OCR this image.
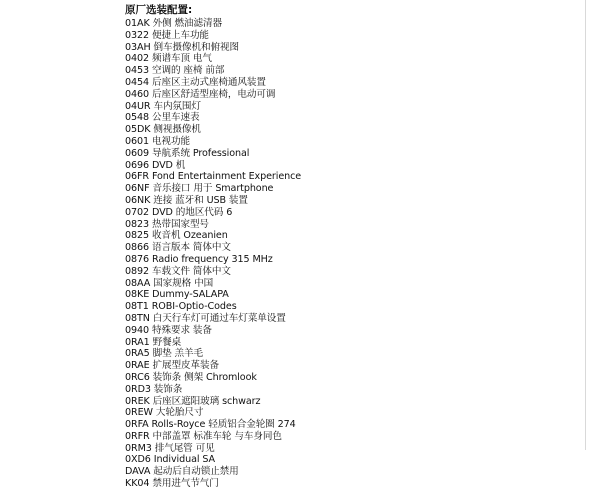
原厂选装配置:
01AK 外侧 燃油滤清器
0322 便捷上车功能
03AH 倒车摄像机和俯视图
0402 频谱车顶 电气
0453 空调的 座椅 前部
0454 后座区主动式座椅通风装置
0460 后座区舒适型座椅，电动可调
04UR 车内氛围灯
0548 公里车速表
05DK 侧视摄像机
0601 电视功能
0609 导航系统 Professional
0696 DVD 机
06FR Fond Entertainment Experience
06NF 音乐接口 用于 Smartphone
06NK 连接 蓝牙和 USB 装置
0702 DVD 的地区代码 6
0823 热带国家型号
0825 收音机 Ozeanien
0866 语言版本 简体中文
0876 Radio frequency 315 MHz
0892 车载文件 简体中文
08AA 国家规格 中国
08KE Dummy-SALAPA
08T1 ROBI-Optio-Codes
08TN 白天行车灯可通过车灯菜单设置
0940 特殊要求 装备
0RA1 野餐桌
0RA5 脚垫 羔羊毛
0RAE 扩展型皮革装备
0RC6 装饰条 侧架 Chromlook
0RD3 装饰条
0REK 后座区遮阳玻璃 schwarz
0REW 大轮胎尺寸
0RFA Rolls-Royce 轻质铝合金轮圈 274
0RFR 中部盖罩 标准车轮 与车身同色
0RM3 排气尾管 可见
0XD6 Individual SA
DAVA 起动后自动锁止禁用
KK04 禁用进气节气门
